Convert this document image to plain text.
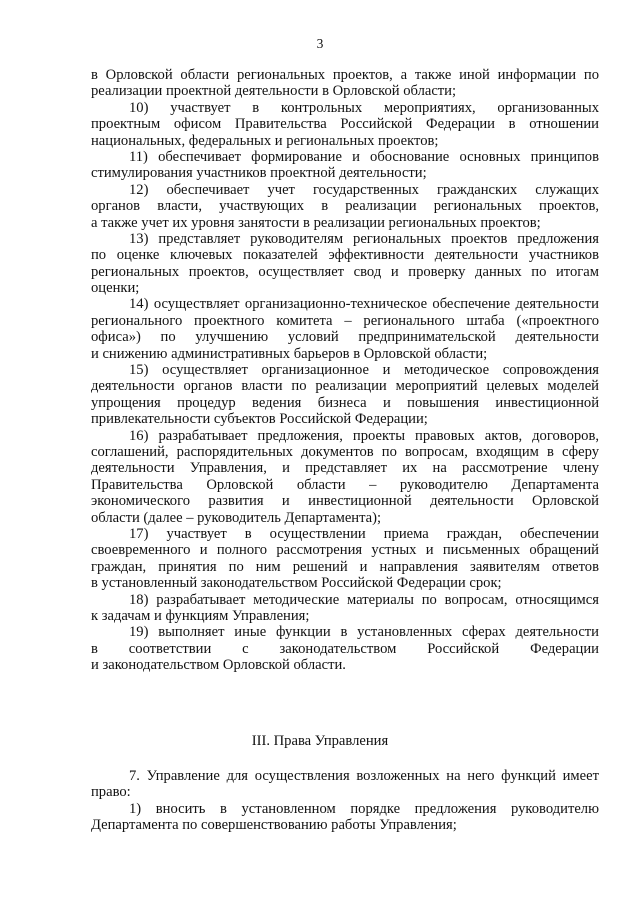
3
в Орловской области региональных проектов, а также иной информации по
реализации проектной деятельности в Орловской области;
10) участвует в контрольных мероприятиях, организованных
проектным офисом Правительства Российской Федерации в отношении
национальных, федеральных и региональных проектов;
11) обеспечивает формирование и обоснование основных принципов
стимулирования участников проектной деятельности;
12) обеспечивает учет государственных гражданских служащих
органов власти, участвующих в реализации региональных проектов,
а также учет их уровня занятости в реализации региональных проектов;
13) представляет руководителям региональных проектов предложения
по оценке ключевых показателей эффективности деятельности участников
региональных проектов, осуществляет свод и проверку данных по итогам
оценки;
14) осуществляет организационно-техническое обеспечение деятельности
регионального проектного комитета – регионального штаба («проектного
офиса») по улучшению условий предпринимательской деятельности
и снижению административных барьеров в Орловской области;
15) осуществляет организационное и методическое сопровождения
деятельности органов власти по реализации мероприятий целевых моделей
упрощения процедур ведения бизнеса и повышения инвестиционной
привлекательности субъектов Российской Федерации;
16) разрабатывает предложения, проекты правовых актов, договоров,
соглашений, распорядительных документов по вопросам, входящим в сферу
деятельности Управления, и представляет их на рассмотрение члену
Правительства Орловской области – руководителю Департамента
экономического развития и инвестиционной деятельности Орловской
области (далее – руководитель Департамента);
17) участвует в осуществлении приема граждан, обеспечении
своевременного и полного рассмотрения устных и письменных обращений
граждан, принятия по ним решений и направления заявителям ответов
в установленный законодательством Российской Федерации срок;
18) разрабатывает методические материалы по вопросам, относящимся
к задачам и функциям Управления;
19) выполняет иные функции в установленных сферах деятельности
в соответствии с законодательством Российской Федерации
и законодательством Орловской области.
III. Права Управления
7. Управление для осуществления возложенных на него функций имеет
право:
1) вносить в установленном порядке предложения руководителю
Департамента по совершенствованию работы Управления;
